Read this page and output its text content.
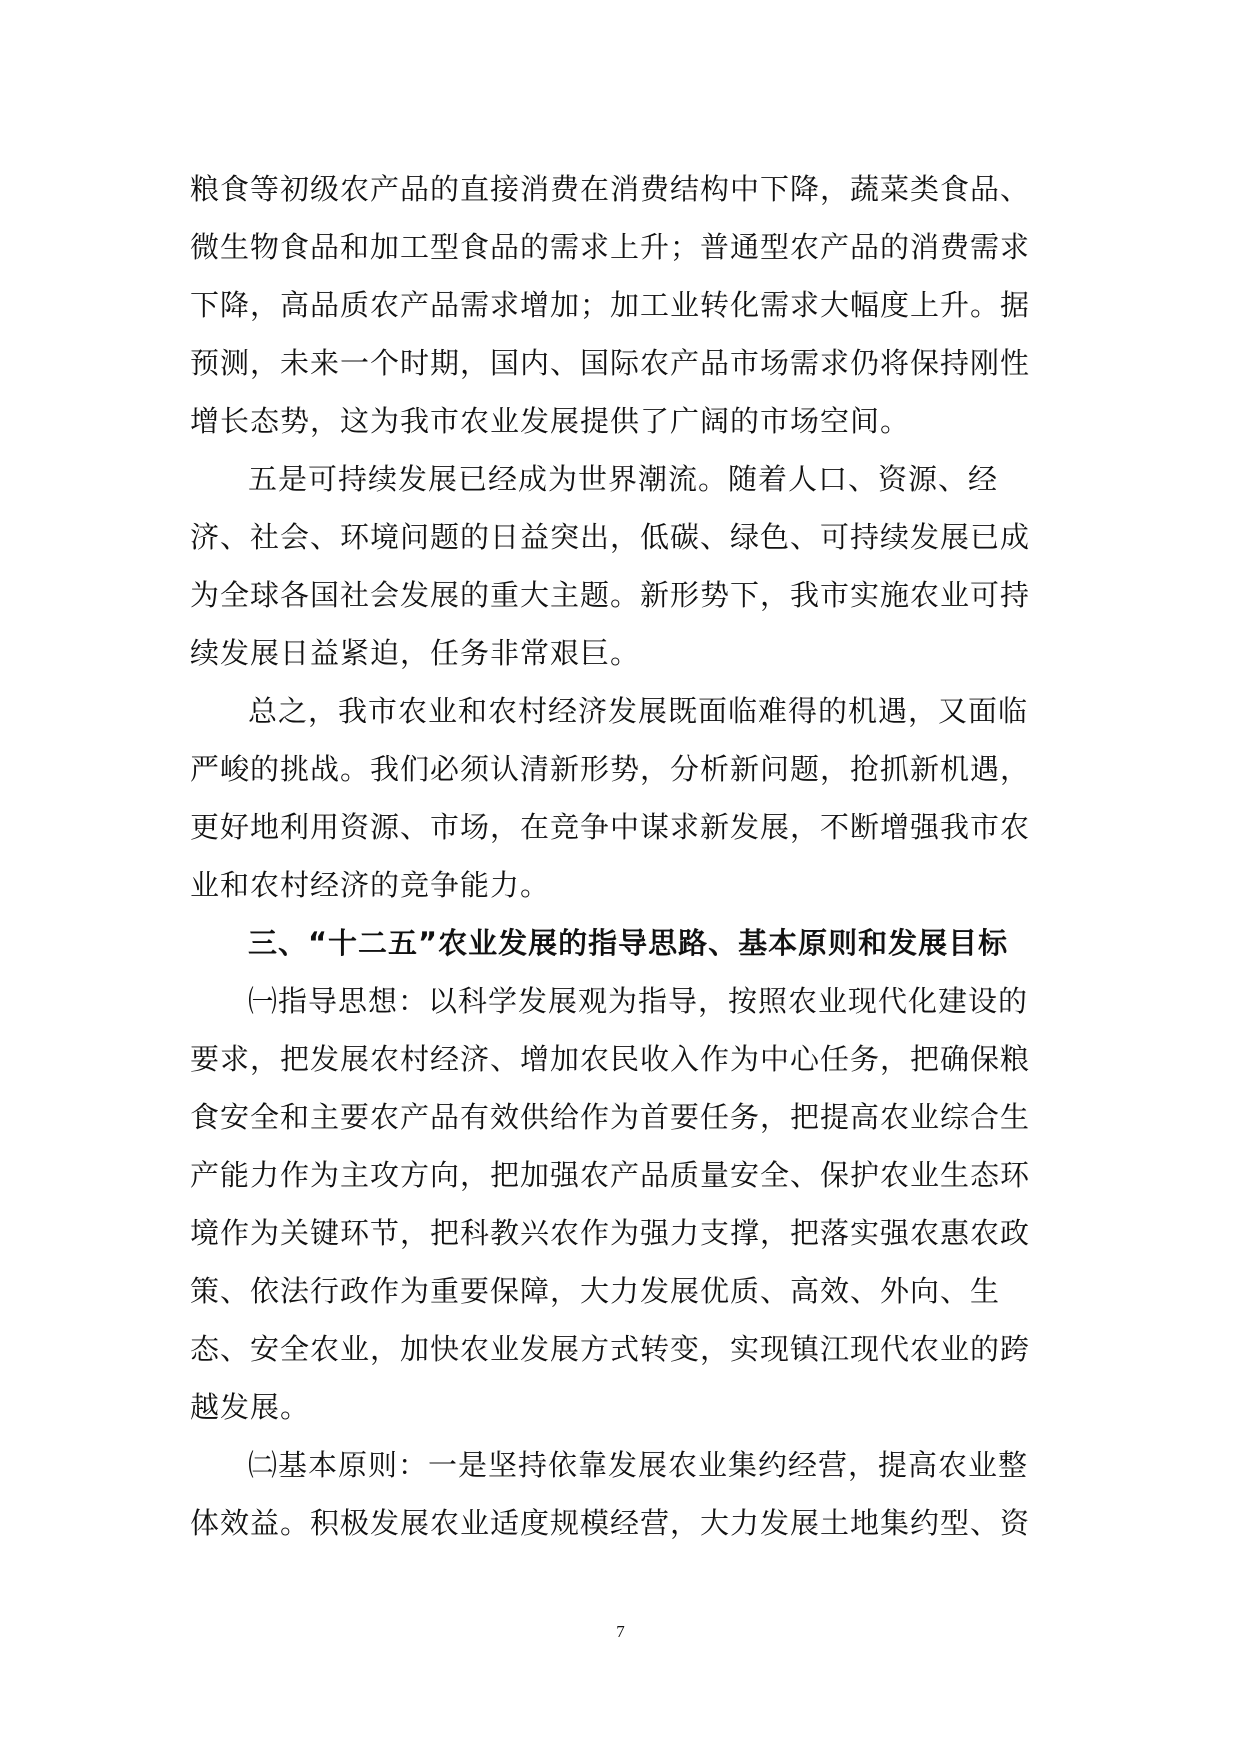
粮食等初级农产品的直接消费在消费结构中下降，蔬菜类食品、微生物食品和加工型食品的需求上升；普通型农产品的消费需求下降，高品质农产品需求增加；加工业转化需求大幅度上升。据预测，未来一个时期，国内、国际农产品市场需求仍将保持刚性增长态势，这为我市农业发展提供了广阔的市场空间。

五是可持续发展已经成为世界潮流。随着人口、资源、经济、社会、环境问题的日益突出，低碳、绿色、可持续发展已成为全球各国社会发展的重大主题。新形势下，我市实施农业可持续发展日益紧迫，任务非常艰巨。

总之，我市农业和农村经济发展既面临难得的机遇，又面临严峻的挑战。我们必须认清新形势，分析新问题，抢抓新机遇，更好地利用资源、市场，在竞争中谋求新发展，不断增强我市农业和农村经济的竞争能力。

三、“十二五”农业发展的指导思路、基本原则和发展目标

㈠指导思想：以科学发展观为指导，按照农业现代化建设的要求，把发展农村经济、增加农民收入作为中心任务，把确保粮食安全和主要农产品有效供给作为首要任务，把提高农业综合生产能力作为主攻方向，把加强农产品质量安全、保护农业生态环境作为关键环节，把科教兴农作为强力支撑，把落实强农惠农政策、依法行政作为重要保障，大力发展优质、高效、外向、生态、安全农业，加快农业发展方式转变，实现镇江现代农业的跨越发展。

㈡基本原则：一是坚持依靠发展农业集约经营，提高农业整体效益。积极发展农业适度规模经营，大力发展土地集约型、资

7
